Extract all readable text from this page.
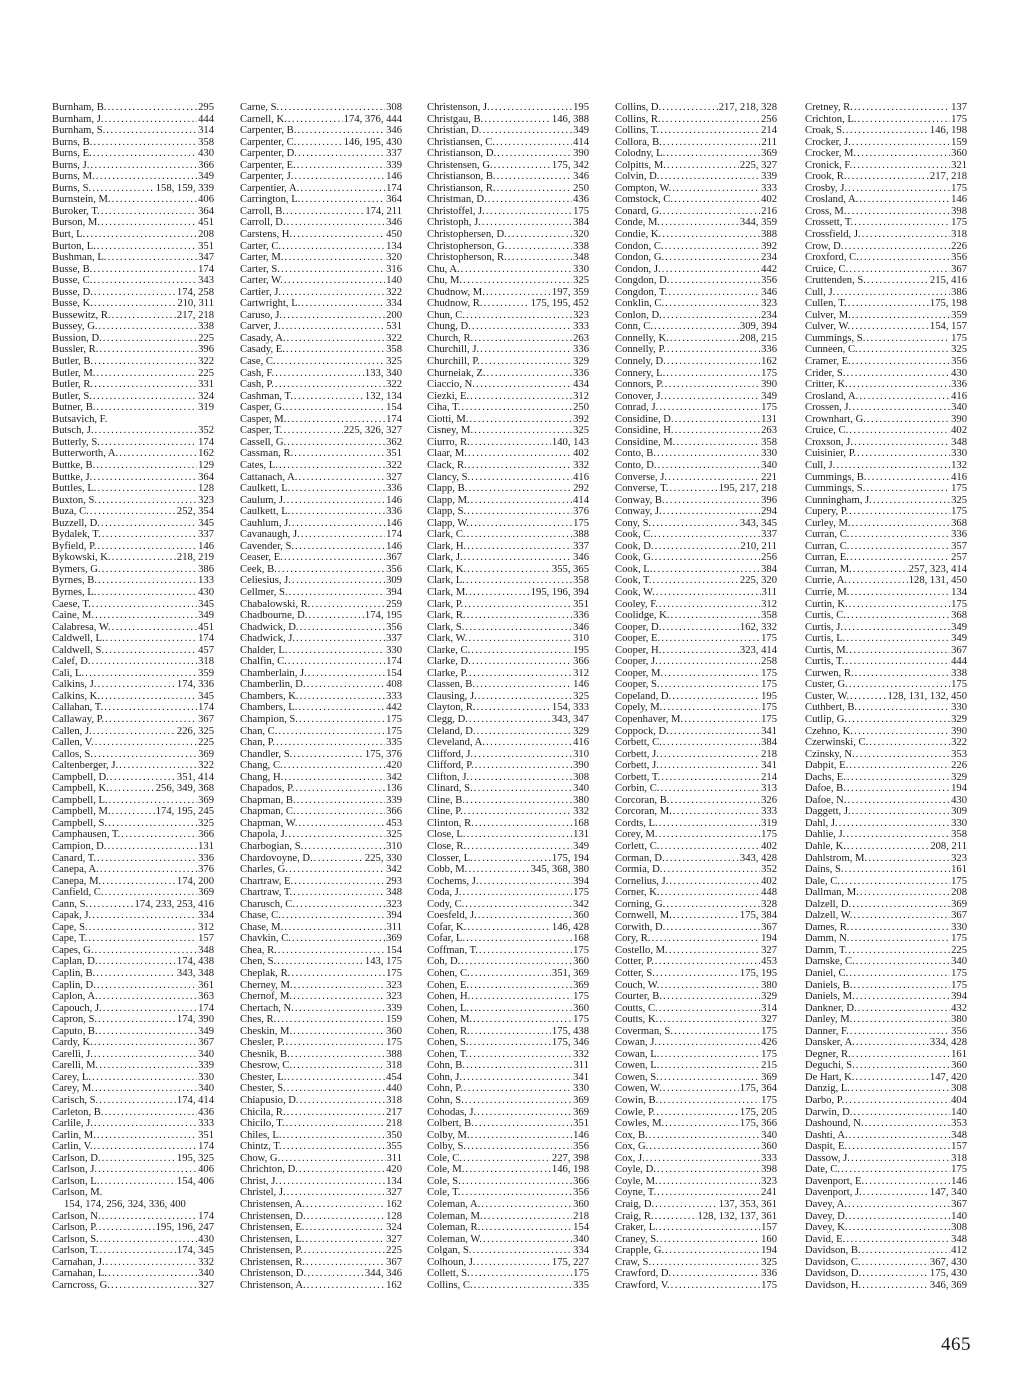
Burnham, B. .....	295
Burnham, J. .....	444
Burnham, S. .....	314
Burns, B. .....	358
Burns, E. .....	430
Burns, J. .....	366
Burns, M. .....	349
Burns, S. .....	158, 159, 339
Burnstein, M. .....	406
Buroker, T. .....	364
Burson, M. .....	451
Burt, L. .....	208
Burton, L. .....	351
Bushman, L. .....	347
Busse, B. .....	174
Busse, C. .....	343
Busse, D. .....	174, 258
Busse, K. .....	210, 311
Bussewitz, R. .....	217, 218
Bussey, G. .....	338
Bussion, D. .....	225
Bussler, R. .....	396
Butler, B. .....	322
Butler, M. .....	225
Butler, R. .....	331
Butler, S. .....	324
Butner, B. .....	319
Butsavich, F.
Butsch, J. .....	352
Butterly, S. .....	174
Butterworth, A. .....	162
Buttke, B. .....	129
Buttke, J. .....	364
Buttles, L. .....	128
Buxton, S. .....	323
Buza, C. .....	252, 354
Buzzell, D. .....	345
Bydalek, T. .....	337
Byfield, P. .....	146
Bykowski, K. .....	218, 219
Bymers, G. .....	386
Byrnes, B. .....	133
Byrnes, L. .....	430
Caese, T. .....	345
Caine, M. .....	349
Calabresa, W. .....	451
Caldwell, L. .....	174
Caldwell, S. .....	457
Calef, D. .....	318
Cali, L. .....	359
Calkins, J. .....	174, 336
Calkins, K. .....	345
Callahan, T. .....	174
Callaway, P. .....	367
Callen, J. .....	226, 325
Callen, V. .....	225
Callos, S. .....	369
Caltenberger, J. .....	322
Campbell, D. .....	351, 414
Campbell, K. .....	256, 349, 368
Campbell, L. .....	369
Campbell, M. .....	174, 195, 245
Campbell, S. .....	325
Camphausen, T. .....	366
Campion, D. .....	131
Canard, T. .....	336
Canepa, A. .....	376
Canepa, M. .....	174, 200
Canfield, C. .....	369
Cann, S. .....	174, 233, 253, 416
Capak, J. .....	334
Cape, S. .....	312
Cape, T. .....	157
Capes, G. .....	348
Caplan, D. .....	174, 438
Caplin, B. .....	343, 348
Caplin, D. .....	361
Caplon, A. .....	363
Capouch, J. .....	174
Capron, S. .....	174, 390
Caputo, B. .....	349
Cardy, K. .....	367
Carelli, J. .....	340
Carelli, M. .....	339
Carey, L. .....	330
Carey, M. .....	340
Carisch, S. .....	174, 414
Carleton, B. .....	436
Carlile, J. .....	333
Carlin, M. .....	351
Carlin, V. .....	174
Carlson, D. .....	195, 325
Carlson, J. .....	406
Carlson, L. .....	154, 406
Carlson, M.
154, 174, 256, 324, 336, 400
Carlson, N. .....	174
Carlson, P. .....	195, 196, 247
Carlson, S. .....	430
Carlson, T. .....	174, 345
Carnahan, J. .....	332
Carnahan, L. .....	340
Carncross, G. .....	327
Carne, S. .....	308
Carnell, K. .....	174, 376, 444
Carpenter, B. .....	346
Carpenter, C. .....	146, 195, 430
Carpenter, D. .....	337
Carpenter, E. .....	339
Carpenter, J. .....	146
Carpentier, A. .....	174
Carrington, L. .....	364
Carroll, B. .....	174, 211
Carroll, D. .....	346
Carstens, H. .....	450
Carter, C. .....	134
Carter, M. .....	320
Carter, S. .....	316
Carter, W. .....	140
Cartier, J. .....	322
Cartwright, L. .....	334
Caruso, J. .....	200
Carver, J. .....	531
Casady, A. .....	322
Casady, E. .....	358
Case, C. .....	325
Cash, F. .....	133, 340
Cash, P. .....	322
Cashman, T. .....	132, 134
Casper, G. .....	154
Casper, M. .....	174
Casper, T. .....	225, 326, 327
Cassell, G. .....	362
Cassman, R. .....	351
Cates, L. .....	322
Cattanach, A. .....	327
Caulkett, L. .....	336
Caulum, J. .....	146
Caulkett, L. .....	336
Cauhlum, J. .....	146
Cavanaugh, J. .....	174
Cavender, S. .....	146
Ceaser, E. .....	367
Ceek, B. .....	356
Celiesius, J. .....	309
Cellmer, S. .....	394
Chabalowski, R. .....	259
Chadbourne, D. .....	174, 195
Chadwick, D. .....	356
Chadwick, J. .....	337
Chalder, L. .....	330
Chalfin, C. .....	174
Chamberlain, J. .....	154
Chamberlin, D. .....	408
Chambers, K. .....	333
Chambers, L. .....	442
Champion, S. .....	175
Chan, C. .....	175
Chan, P. .....	335
Chandler, S. .....	175, 376
Chang, C. .....	420
Chang, H. .....	342
Chapados, P. .....	136
Chapman, B. .....	339
Chapman, C. .....	366
Chapman, W. .....	453
Chapola, J. .....	325
Charbogian, S. .....	310
Chardovoyne, D. .....	225, 330
Charles, G. .....	342
Chartraw, E. .....	293
Chartraw, T. .....	348
Charusch, C. .....	323
Chase, C. .....	394
Chase, M. .....	311
Chavkin, C. .....	369
Chea, R. .....	154
Chen, S. .....	143, 175
Cheplak, R. .....	175
Cherney, M. .....	323
Chernof, M. .....	323
Chertach, N. .....	339
Ches, R. .....	159
Cheskin, M. .....	360
Chesler, P. .....	175
Chesnik, B. .....	388
Chesrow, C. .....	318
Chester, L. .....	454
Chester, S. .....	440
Chiapusio, D. .....	318
Chicila, R. .....	217
Chicilo, T. .....	218
Chiles, L. .....	350
Chintz, T. .....	355
Chow, G. .....	311
Chrichton, D. .....	420
Christ, J. .....	134
Christel, J. .....	327
Christensen, A. .....	162
Christensen, D. .....	128
Christensen, E. .....	324
Christensen, L. .....	327
Christensen, P. .....	225
Christensen, R. .....	367
Christenson, D. .....	344, 346
Christenson, A. .....	162
Christenson, J. .....	195
Christgau, B. .....	146, 388
Christian, D. .....	349
Christiansen, C. .....	414
Christianson, D. .....	390
Christensen, G. .....	175, 342
Christianson, B. .....	346
Christianson, R. .....	250
Christman, D. .....	436
Christoffel, J. .....	175
Christoph, J. .....	384
Christophersen, D. .....	320
Christopherson, G. .....	338
Christopherson, R. .....	348
Chu, A. .....	330
Chu, M. .....	325
Chudnow, M. .....	197, 359
Chudnow, R. .....	175, 195, 452
Chun, C. .....	323
Chung, D. .....	333
Church, R. .....	263
Churchill, J. .....	336
Churchill, P. .....	329
Churneiak, Z. .....	336
Ciaccio, N. .....	434
Ciezki, E. .....	312
Ciha, T. .....	250
Ciotti, M. .....	392
Cisney, M. .....	325
Ciurro, R. .....	140, 143
Claar, M. .....	402
Clack, R. .....	332
Clancy, S. .....	416
Clapp, B. .....	292
Clapp, M. .....	414
Clapp, S. .....	376
Clapp, W. .....	175
Clark, C. .....	388
Clark, H. .....	337
Clark, J. .....	346
Clark, K. .....	355, 365
Clark, L. .....	358
Clark, M. .....	195, 196, 394
Clark, P. .....	351
Clark, R. .....	336
Clark, S. .....	346
Clark, W. .....	310
Clarke, C. .....	195
Clarke, D. .....	366
Clarke, P. .....	312
Classen, B. .....	146
Clausing, J. .....	325
Clayton, R. .....	154, 333
Clegg, D. .....	343, 347
Cleland, D. .....	329
Cleveland, A. .....	416
Clifford, J. .....	310
Clifford, P. .....	390
Clifton, J. .....	308
Clinard, S. .....	340
Cline, B. .....	380
Cline, P. .....	332
Clinton, R. .....	168
Close, L. .....	131
Close, R. .....	349
Closser, L. .....	175, 194
Cobb, M. .....	345, 368, 380
Cochems, J. .....	394
Coda, J. .....	175
Cody, C. .....	342
Coesfeld, J. .....	360
Cofar, K. .....	146, 428
Cofar, L. .....	168
Coffman, T. .....	175
Coh, D. .....	360
Cohen, C. .....	351, 369
Cohen, E. .....	369
Cohen, H. .....	175
Cohen, L. .....	360
Cohen, M. .....	175
Cohen, R. .....	175, 438
Cohen, S. .....	175, 346
Cohen, T. .....	332
Cohn, B. .....	311
Cohn, J. .....	341
Cohn, P. .....	330
Cohn, S. .....	369
Cohodas, J. .....	369
Colbert, B. .....	351
Colby, M. .....	146
Colby, S. .....	356
Cole, C. .....	227, 398
Cole, M. .....	146, 198
Cole, S. .....	366
Cole, T. .....	356
Coleman, A. .....	360
Coleman, M. .....	218
Coleman, R. .....	154
Coleman, W. .....	340
Colgan, S. .....	334
Colhoun, J. .....	175, 227
Collett, S. .....	175
Collins, C. .....	335
Collins, D. .....	217, 218, 328
Collins, R. .....	256
Collins, T. .....	214
Collora, B. .....	211
Colodny, L. .....	369
Colpitts, M. .....	225, 327
Colvin, D. .....	339
Compton, W. .....	333
Comstock, C. .....	402
Conard, G. .....	216
Conde, M. .....	344, 359
Condie, K. .....	388
Condon, C. .....	392
Condon, G. .....	234
Condon, J. .....	442
Congdon, D. .....	356
Congdon, T. .....	346
Conklin, C. .....	323
Conlon, D. .....	234
Conn, C. .....	309, 394
Connelly, K. .....	208, 215
Connelly, P. .....	336
Connely, D. .....	162
Connery, L. .....	175
Connors, P. .....	390
Conover, J. .....	349
Conrad, J. .....	175
Considine, D. .....	131
Considine, H. .....	263
Considine, M. .....	358
Conto, B. .....	330
Conto, D. .....	340
Converse, J. .....	221
Converse, T. .....	195, 217, 218
Conway, B. .....	396
Conway, J. .....	294
Cony, S. .....	343, 345
Cook, C. .....	337
Cook, D. .....	210, 211
Cook, G. .....	256
Cook, L. .....	384
Cook, T. .....	225, 320
Cook, W. .....	311
Cooley, F. .....	312
Coolidge, K. .....	358
Cooper, D. .....	162, 332
Cooper, E. .....	175
Cooper, H. .....	323, 414
Cooper, J. .....	258
Cooper, M. .....	175
Cooper, S. .....	175
Copeland, D. .....	195
Copely, M. .....	175
Copenhaver, M. .....	175
Coppock, D. .....	341
Corbett, C. .....	384
Corbett, J. .....	218
Corbett, J. .....	341
Corbett, T. .....	214
Corbin, C. .....	313
Corcoran, B. .....	326
Corcoran, M. .....	333
Cordts, L. .....	319
Corey, M. .....	175
Corlett, C. .....	402
Corman, D. .....	343, 428
Cormia, D. .....	352
Cornelius, J. .....	402
Corner, K. .....	448
Corning, G. .....	328
Cornwell, M. .....	175, 384
Corwith, D. .....	367
Cory, R. .....	194
Costello, M. .....	327
Cotter, P. .....	453
Cotter, S. .....	175, 195
Couch, W. .....	380
Courter, B. .....	329
Coutts, C. .....	314
Coutts, K. .....	327
Coverman, S. .....	175
Cowan, J. .....	426
Cowan, L. .....	175
Cowen, L. .....	215
Cowen, S. .....	369
Cowen, W. .....	175, 364
Cowin, B. .....	175
Cowle, P. .....	175, 205
Cowles, M. .....	175, 366
Cox, B. .....	340
Cox, G. .....	360
Cox, J. .....	333
Coyle, D. .....	398
Coyle, M. .....	323
Coyne, T. .....	241
Craig, D. .....	137, 353, 361
Craig, R. .....	128, 132, 137, 361
Craker, L. .....	157
Craney, S. .....	160
Crapple, G. .....	194
Craw, S. .....	325
Crawford, D. .....	336
Crawford, V. .....	175
Cretney, R. .....	137
Crichton, L. .....	175
Croak, S. .....	146, 198
Crocker, J. .....	159
Crocker, M. .....	360
Cronick, F. .....	321
Crook, R. .....	217, 218
Crosby, J. .....	175
Crosland, A. .....	146
Cross, M. .....	398
Crossett, T. .....	175
Crossfield, J. .....	318
Crow, D. .....	226
Croxford, C. .....	356
Cruice, C. .....	367
Cruttenden, S. .....	215, 416
Cull, J. .....	386
Cullen, T. .....	175, 198
Culver, M. .....	359
Culver, W. .....	154, 157
Cummings, S. .....	175
Cunneen, C. .....	325
Cramer, E. .....	356
Crider, S. .....	430
Critter, K. .....	336
Crosland, A. .....	416
Crossen, J. .....	340
Crownhart, G. .....	390
Cruice, C. .....	402
Croxson, J. .....	348
Cuisinier, P. .....	330
Cull, J. .....	132
Cummings, B. .....	416
Cummings, S. .....	175
Cunningham, J. .....	325
Cupery, P. .....	175
Curley, M. .....	368
Curran, C. .....	336
Curran, C. .....	357
Curran, E. .....	257
Curran, M. .....	257, 323, 414
Currie, A. .....	128, 131, 450
Currie, M. .....	134
Curtin, K. .....	175
Curtis, C. .....	368
Curtis, J. .....	349
Curtis, L. .....	349
Curtis, M. .....	367
Curtis, T. .....	444
Curwen, R. .....	338
Custer, G. .....	175
Custer, W. .....	128, 131, 132, 450
Cuthbert, B. .....	330
Cutlip, G. .....	329
Czehno, K. .....	390
Czerwinski, C. .....	322
Czinsky, N. .....	353
Dabpit, E. .....	226
Dachs, E. .....	329
Dafoe, B. .....	194
Dafoe, N. .....	430
Daggett, J. .....	309
Dahl, J. .....	330
Dahlie, J. .....	358
Dahle, K. .....	208, 211
Dahlstrom, M. .....	323
Dains, S. .....	161
Dale, C. .....	175
Dallman, M. .....	208
Dalzell, D. .....	369
Dalzell, W. .....	367
Dames, R. .....	330
Damm, N. .....	175
Damm, T. .....	225
Damske, C. .....	340
Daniel, C. .....	175
Daniels, B. .....	175
Daniels, M. .....	394
Dankner, D. .....	432
Danley, M. .....	380
Danner, F. .....	356
Dansker, A. .....	334, 428
Degner, R. .....	161
Deguchi, S. .....	360
De Hart, K. .....	147, 420
Danzig, L. .....	308
Darbo, P. .....	404
Darwin, D. .....	140
Dashound, N. .....	353
Dashti, A. .....	348
Daspit, E. .....	157
Dassow, J. .....	318
Date, C. .....	175
Davenport, E. .....	146
Davenport, J. .....	147, 340
Davey, A. .....	367
Davey, D. .....	140
Davey, K. .....	308
David, E. .....	348
Davidson, B. .....	412
Davidson, C. .....	367, 430
Davidson, D. .....	175, 430
Davidson, H. .....	346, 369
465
